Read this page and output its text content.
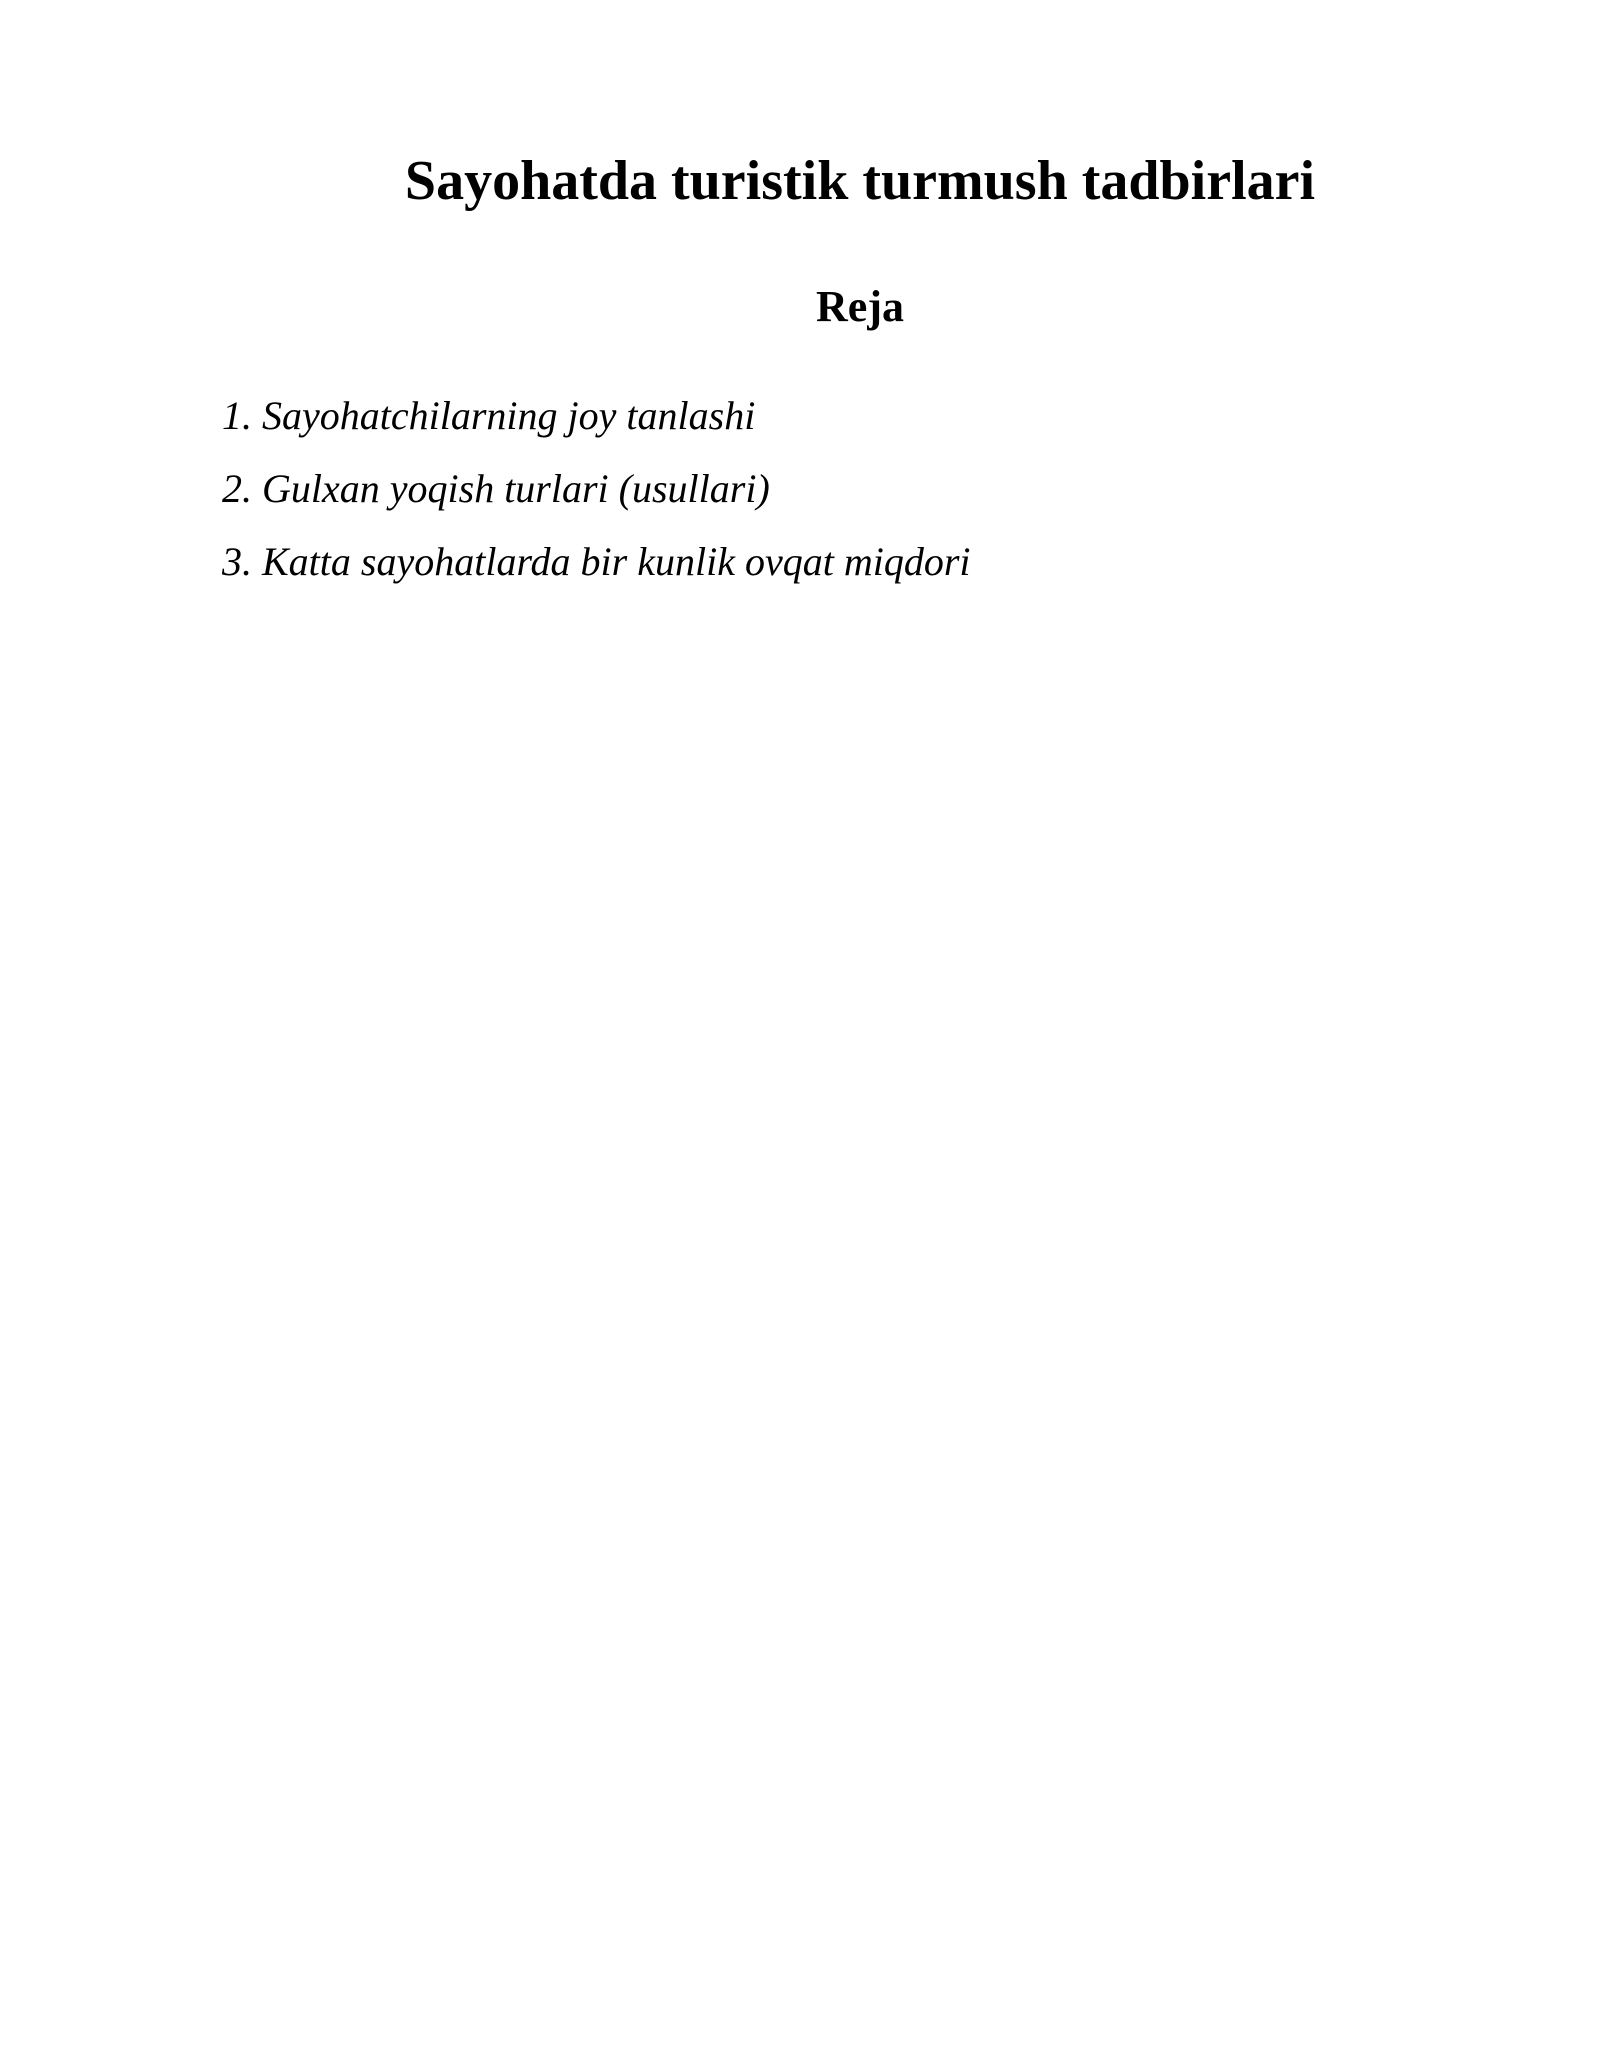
Sayohatda turistik turmush tadbirlari
Reja
1. Sayohatchilarning joy tanlashi
2. Gulxan yoqish turlari (usullari)
3. Katta sayohatlarda bir kunlik ovqat miqdori
